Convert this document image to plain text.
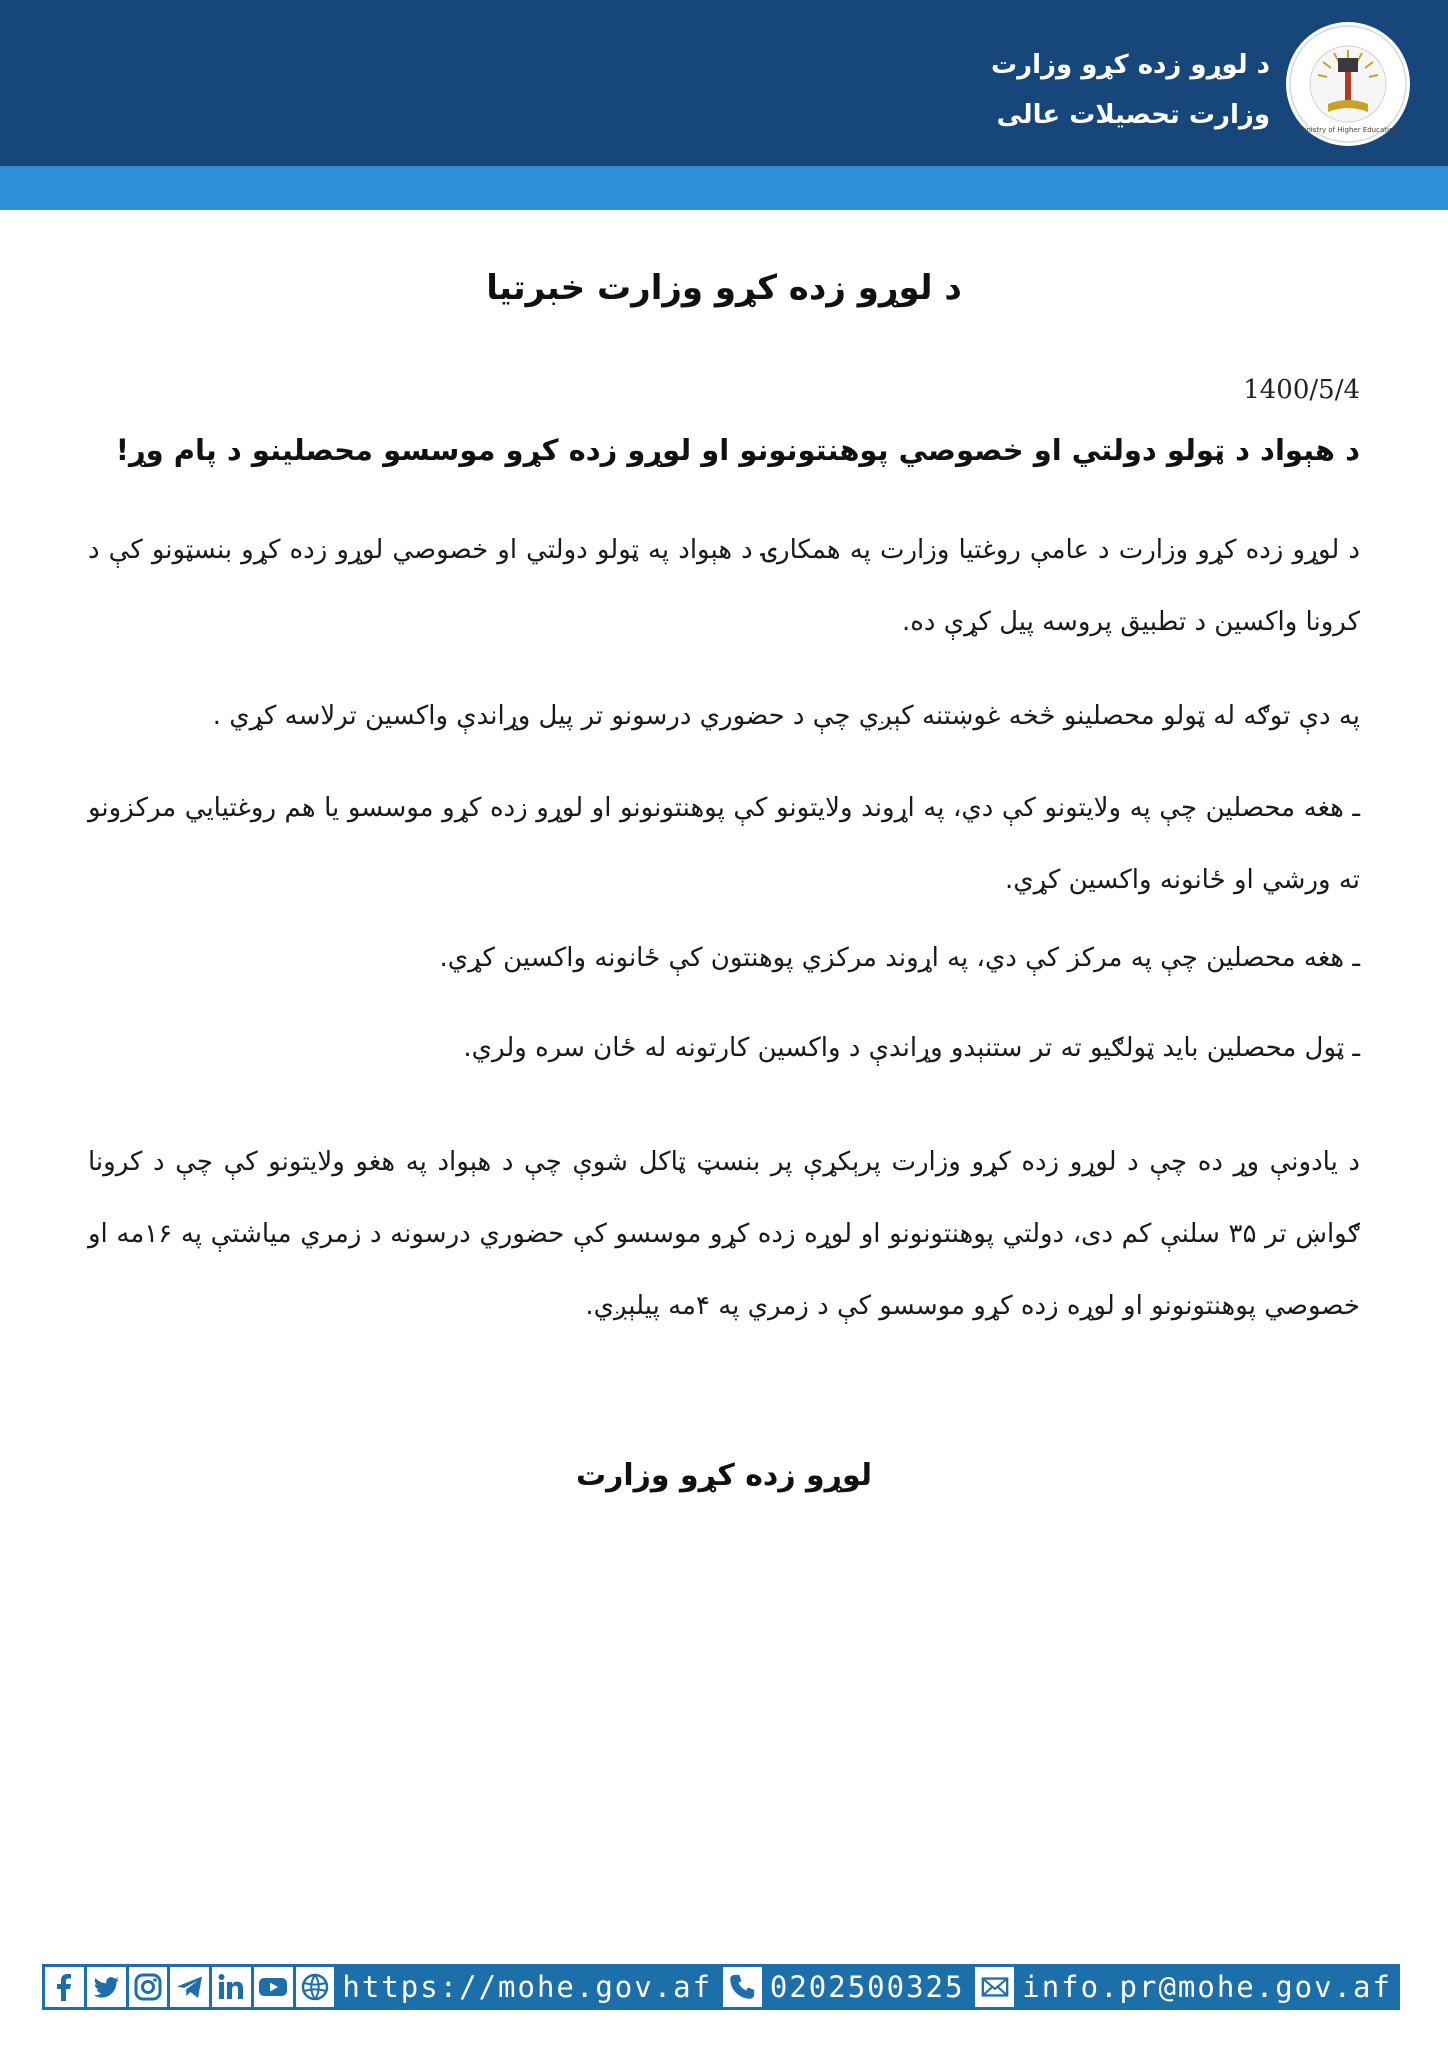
د لوړو زده کړو وزارت
وزارت تحصیلات عالی	Ministry of Higher Education
د لوړو زده کړو وزارت خبرتیا
1400/5/4
د هېواد د ټولو دولتي او خصوصي پوهنتونونو او لوړو زده کړو موسسو محصلینو د پام وړ!
د لوړو زده کړو وزارت د عامې روغتیا وزارت په همکارۍ د هېواد په ټولو دولتي او خصوصي لوړو زده کړو بنسټونو کې د کرونا واکسین د تطبیق پروسه پیل کړې ده.
په دې توګه له ټولو محصلینو څخه غوښتنه کېږي چې د حضوري درسونو تر پیل وړاندې واکسین ترلاسه کړي .
ـ هغه محصلین چې په ولایتونو کې دي، په اړوند ولایتونو کې پوهنتونونو او لوړو زده کړو موسسو یا هم روغتیایي مرکزونو ته ورشي او ځانونه واکسین کړي.
ـ هغه محصلین چې په مرکز کې دي، په اړوند مرکزي پوهنتون کې ځانونه واکسین کړي.
ـ ټول محصلین باید ټولګیو ته تر ستنېدو وړاندې د واکسین کارتونه له ځان سره ولري.
د یادونې وړ ده چې د لوړو زده کړو وزارت پرېکړې پر بنسټ ټاکل شوې چې د هېواد په هغو ولایتونو کې چې د کرونا ګواښ تر ۳۵ سلنې کم دی، دولتي پوهنتونونو او لوړه زده کړو موسسو کې حضوري درسونه د زمري میاشتې په ۱۶مه او خصوصي پوهنتونونو او لوړه زده کړو موسسو کې د زمري په ۴مه پیلېږي.
لوړو زده کړو وزارت
https://mohe.gov.af 0202500325 info.pr@mohe.gov.af
